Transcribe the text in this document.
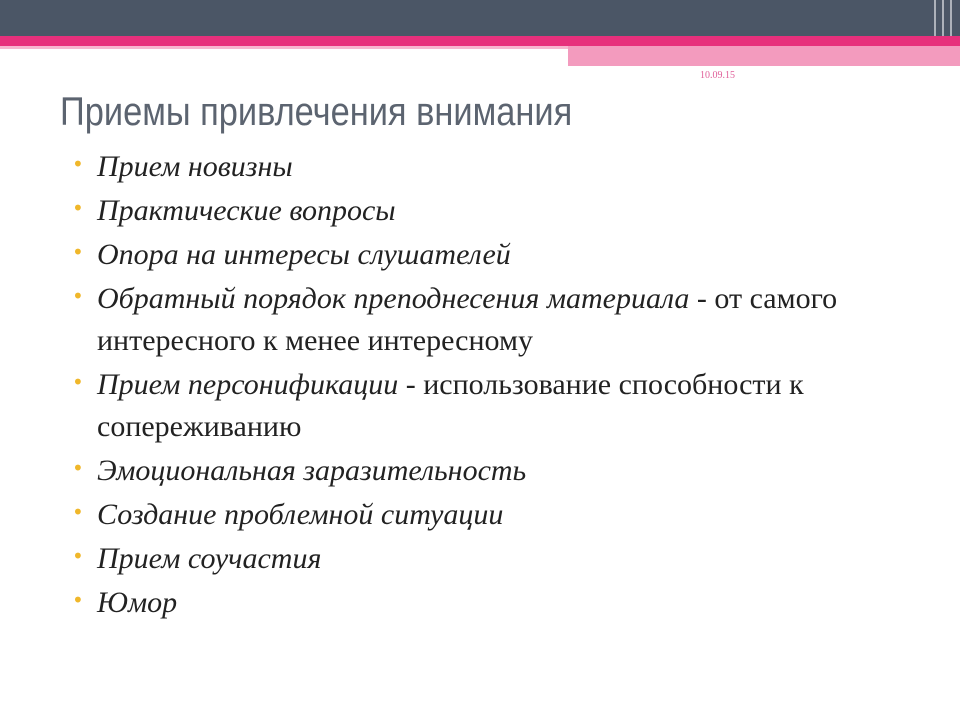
10.09.15
Приемы привлечения внимания
• Прием новизны
• Практические вопросы
• Опора на интересы слушателей
• Обратный порядок преподнесения материала - от самого интересного к менее интересному
• Прием персонификации - использование способности к сопереживанию
• Эмоциональная заразительность
• Создание проблемной ситуации
• Прием соучастия
• Юмор
